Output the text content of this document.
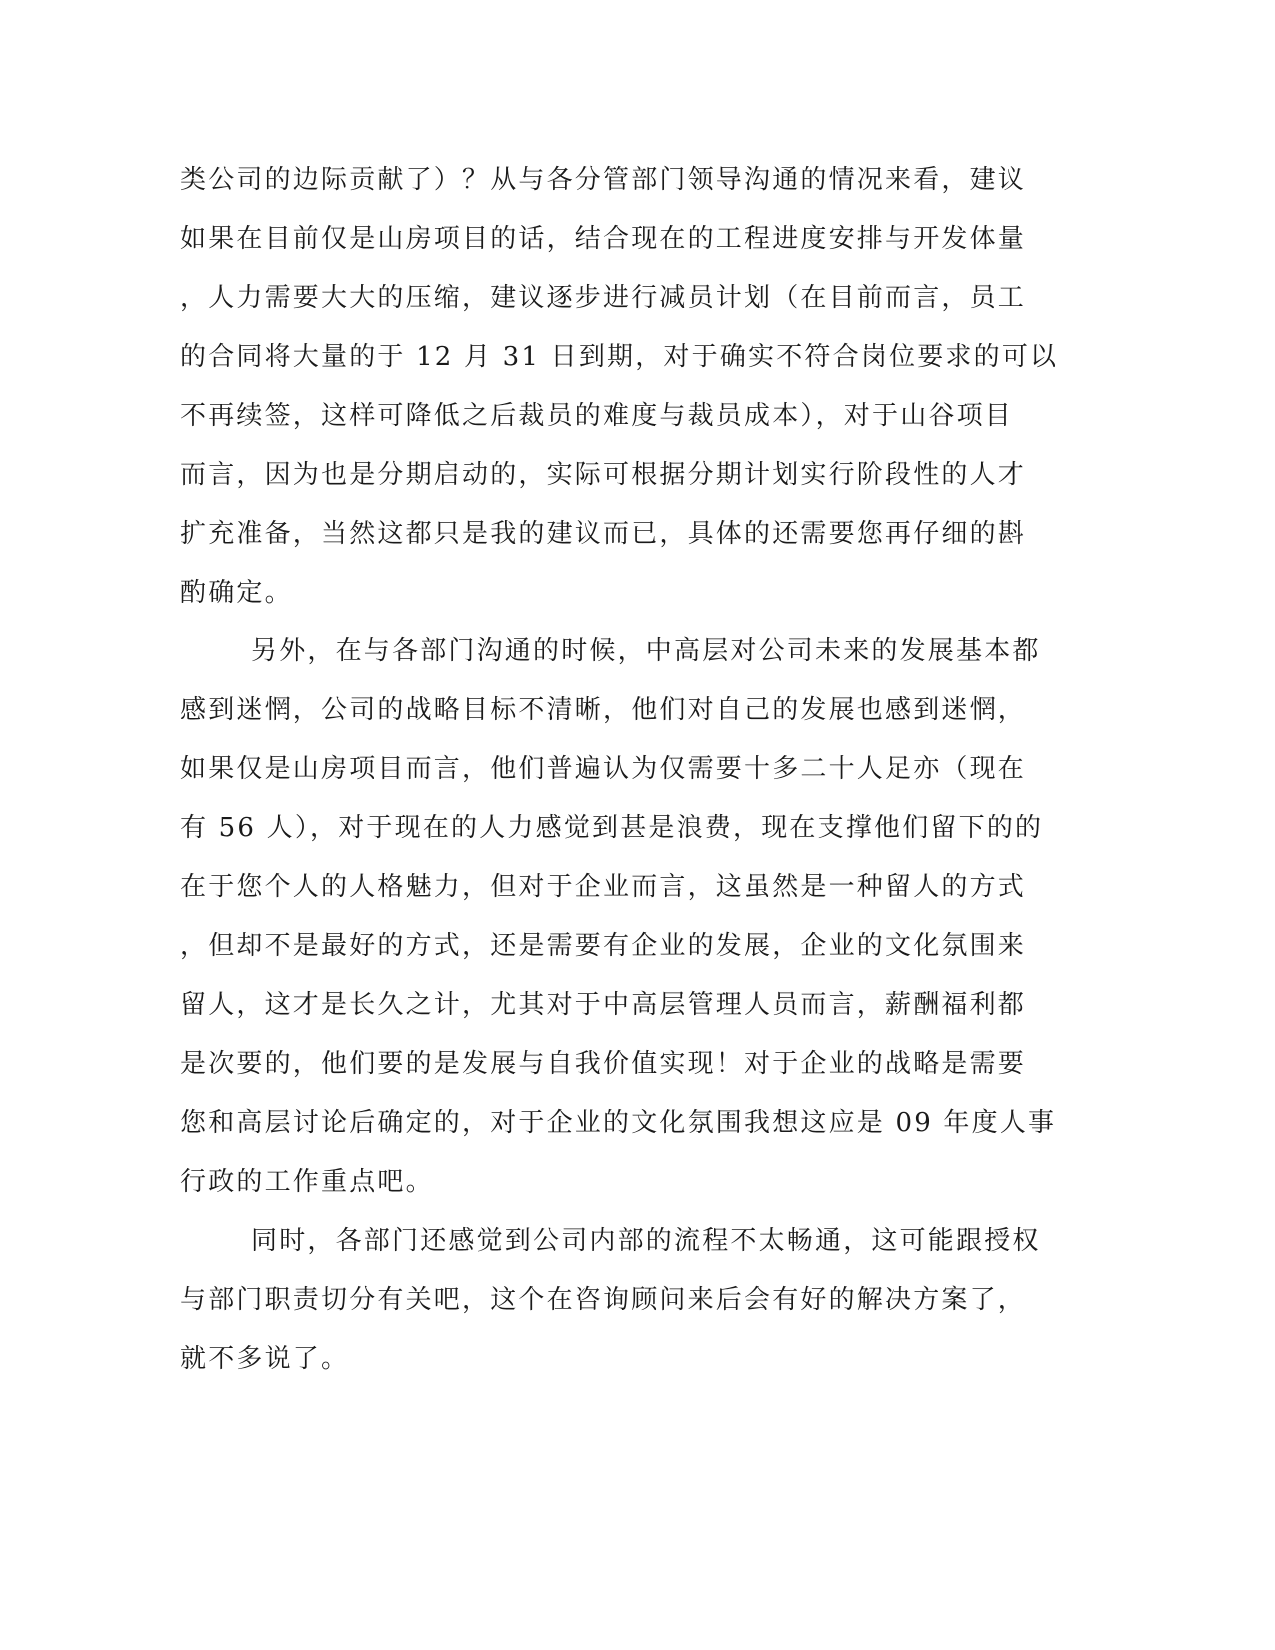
类公司的边际贡献了）？从与各分管部门领导沟通的情况来看，建议
如果在目前仅是山房项目的话，结合现在的工程进度安排与开发体量
，人力需要大大的压缩，建议逐步进行减员计划（在目前而言，员工
的合同将大量的于 12 月 31 日到期，对于确实不符合岗位要求的可以
不再续签，这样可降低之后裁员的难度与裁员成本），对于山谷项目
而言，因为也是分期启动的，实际可根据分期计划实行阶段性的人才
扩充准备，当然这都只是我的建议而已，具体的还需要您再仔细的斟
酌确定。
另外，在与各部门沟通的时候，中高层对公司未来的发展基本都
感到迷惘，公司的战略目标不清晰，他们对自己的发展也感到迷惘，
如果仅是山房项目而言，他们普遍认为仅需要十多二十人足亦（现在
有 56 人），对于现在的人力感觉到甚是浪费，现在支撑他们留下的的
在于您个人的人格魅力，但对于企业而言，这虽然是一种留人的方式
，但却不是最好的方式，还是需要有企业的发展，企业的文化氛围来
留人，这才是长久之计，尤其对于中高层管理人员而言，薪酬福利都
是次要的，他们要的是发展与自我价值实现！对于企业的战略是需要
您和高层讨论后确定的，对于企业的文化氛围我想这应是 09 年度人事
行政的工作重点吧。
同时，各部门还感觉到公司内部的流程不太畅通，这可能跟授权
与部门职责切分有关吧，这个在咨询顾问来后会有好的解决方案了，
就不多说了。
